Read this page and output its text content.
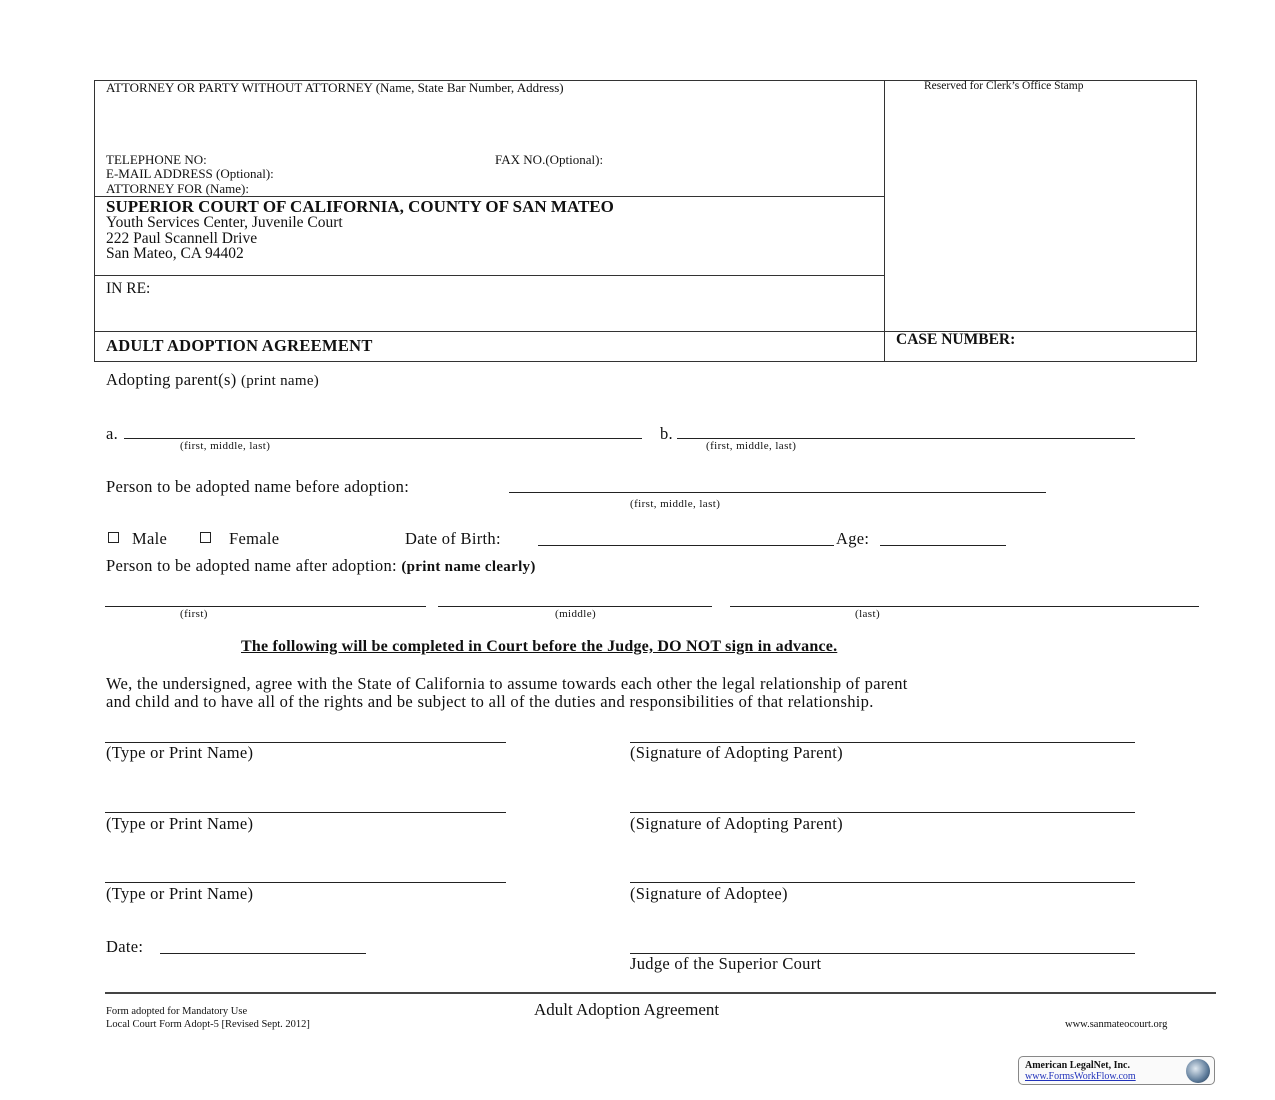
ATTORNEY OR PARTY WITHOUT ATTORNEY (Name, State Bar Number, Address)	Reserved for Clerk’s Office Stamp
TELEPHONE NO:	FAX NO.(Optional):
E-MAIL ADDRESS (Optional):
ATTORNEY FOR (Name):
SUPERIOR COURT OF CALIFORNIA, COUNTY OF SAN MATEO
Youth Services Center, Juvenile Court
222 Paul Scannell Drive
San Mateo, CA 94402
IN RE:
ADULT ADOPTION AGREEMENT	CASE NUMBER:
Adopting parent(s) (print name)
a.	b.
(first, middle, last)	(first, middle, last)
Person to be adopted name before adoption:
(first, middle, last)
Male	Female	Date of Birth:	Age:
Person to be adopted name after adoption: (print name clearly)
(first)	(middle)	(last)
The following will be completed in Court before the Judge, DO NOT sign in advance.
We, the undersigned, agree with the State of California to assume towards each other the legal relationship of parent
and child and to have all of the rights and be subject to all of the duties and responsibilities of that relationship.
(Type or Print Name)	(Signature of Adopting Parent)
(Type or Print Name)	(Signature of Adopting Parent)
(Type or Print Name)	(Signature of Adoptee)
Date:
Judge of the Superior Court
Form adopted for Mandatory Use
Local Court Form Adopt-5 [Revised Sept. 2012]
Adult Adoption Agreement
www.sanmateocourt.org
American LegalNet, Inc.
www.FormsWorkFlow.com
